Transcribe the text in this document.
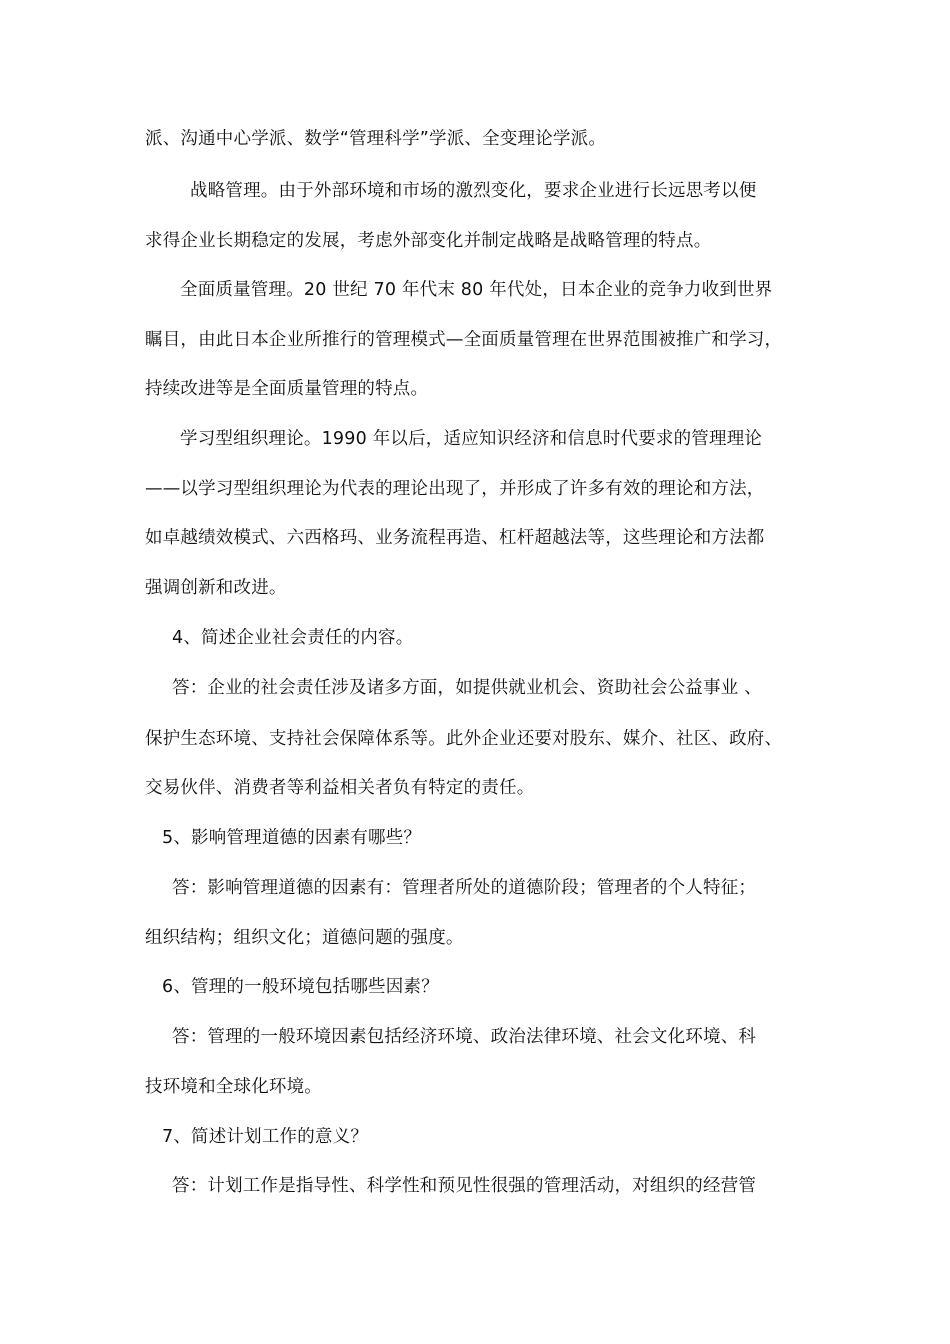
派、沟通中心学派、数学“管理科学”学派、全变理论学派。
战略管理。由于外部环境和市场的激烈变化，要求企业进行长远思考以便
求得企业长期稳定的发展，考虑外部变化并制定战略是战略管理的特点。
全面质量管理。20 世纪 70 年代末 80 年代处，日本企业的竞争力收到世界
瞩目，由此日本企业所推行的管理模式—全面质量管理在世界范围被推广和学习，
持续改进等是全面质量管理的特点。
学习型组织理论。1990 年以后，适应知识经济和信息时代要求的管理理论
——以学习型组织理论为代表的理论出现了，并形成了许多有效的理论和方法，
如卓越绩效模式、六西格玛、业务流程再造、杠杆超越法等，这些理论和方法都
强调创新和改进。
4、简述企业社会责任的内容。
答：企业的社会责任涉及诸多方面，如提供就业机会、资助社会公益事业 、
保护生态环境、支持社会保障体系等。此外企业还要对股东、媒介、社区、政府、
交易伙伴、消费者等利益相关者负有特定的责任。
5、影响管理道德的因素有哪些？
答：影响管理道德的因素有：管理者所处的道德阶段；管理者的个人特征；
组织结构；组织文化；道德问题的强度。
6、管理的一般环境包括哪些因素？
答：管理的一般环境因素包括经济环境、政治法律环境、社会文化环境、科
技环境和全球化环境。
7、简述计划工作的意义？
答：计划工作是指导性、科学性和预见性很强的管理活动，对组织的经营管
